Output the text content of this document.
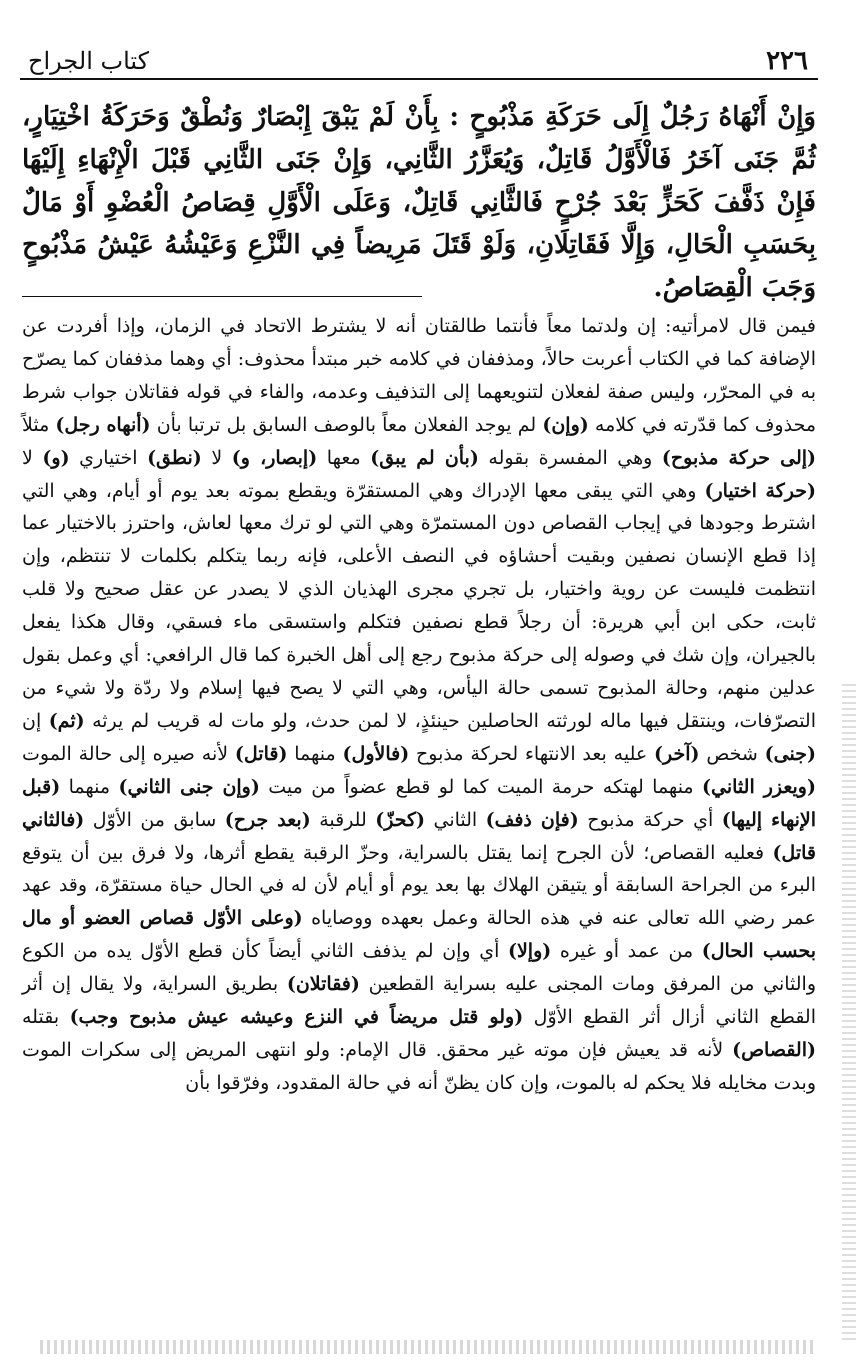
٢٢٦
كتاب الجراح

وَإِنْ أَنْهَاهُ رَجُلٌ إِلَى حَرَكَةِ مَذْبُوحٍ : بِأَنْ لَمْ يَبْقَ إِبْصَارٌ وَنُطْقٌ وَحَرَكَةُ اخْتِيَارٍ، ثُمَّ جَنَى آخَرُ فَالْأَوَّلُ قَاتِلٌ، وَيُعَزَّرُ الثَّانِي، وَإِنْ جَنَى الثَّانِي قَبْلَ الْإِنْهَاءِ إِلَيْهَا فَإِنْ ذَفَّفَ كَحَزٍّ بَعْدَ جُرْحٍ فَالثَّانِي قَاتِلٌ، وَعَلَى الْأَوَّلِ قِصَاصُ الْعُضْوِ أَوْ مَالٌ بِحَسَبِ الْحَالِ، وَإِلَّا فَقَاتِلَانِ، وَلَوْ قَتَلَ مَرِيضاً فِي النَّزْعِ وَعَيْشُهُ عَيْشُ مَذْبُوحٍ وَجَبَ الْقِصَاصُ.

فيمن قال لامرأتيه: إن ولدتما معاً فأنتما طالقتان أنه لا يشترط الاتحاد في الزمان، وإذا أفردت عن الإضافة كما في الكتاب أعربت حالاً، ومذففان في كلامه خبر مبتدأ محذوف: أي وهما مذففان كما يصرّح به في المحرّر، وليس صفة لفعلان لتنويعهما إلى التذفيف وعدمه، والفاء في قوله فقاتلان جواب شرط محذوف كما قدّرته في كلامه (وإن) لم يوجد الفعلان معاً بالوصف السابق بل ترتبا بأن (أنهاه رجل) مثلاً (إلى حركة مذبوح) وهي المفسرة بقوله (بأن لم يبق) معها (إبصار، و) لا (نطق) اختياري (و) لا (حركة اختيار) وهي التي يبقى معها الإدراك وهي المستقرّة ويقطع بموته بعد يوم أو أيام، وهي التي اشترط وجودها في إيجاب القصاص دون المستمرّة وهي التي لو ترك معها لعاش، واحترز بالاختيار عما إذا قطع الإنسان نصفين وبقيت أحشاؤه في النصف الأعلى، فإنه ربما يتكلم بكلمات لا تنتظم، وإن انتظمت فليست عن روية واختيار، بل تجري مجرى الهذيان الذي لا يصدر عن عقل صحيح ولا قلب ثابت، حكى ابن أبي هريرة: أن رجلاً قطع نصفين فتكلم واستسقى ماء فسقي، وقال هكذا يفعل بالجيران، وإن شك في وصوله إلى حركة مذبوح رجع إلى أهل الخبرة كما قال الرافعي: أي وعمل بقول عدلين منهم، وحالة المذبوح تسمى حالة اليأس، وهي التي لا يصح فيها إسلام ولا ردّة ولا شيء من التصرّفات، وينتقل فيها ماله لورثته الحاصلين حينئذٍ، لا لمن حدث، ولو مات له قريب لم يرثه (ثم) إن (جنى) شخص (آخر) عليه بعد الانتهاء لحركة مذبوح (فالأول) منهما (قاتل) لأنه صيره إلى حالة الموت (ويعزر الثاني) منهما لهتكه حرمة الميت كما لو قطع عضواً من ميت (وإن جنى الثاني) منهما (قبل الإنهاء إليها) أي حركة مذبوح (فإن ذفف) الثاني (كحزّ) للرقبة (بعد جرح) سابق من الأوّل (فالثاني قاتل) فعليه القصاص؛ لأن الجرح إنما يقتل بالسراية، وحزّ الرقبة يقطع أثرها، ولا فرق بين أن يتوقع البرء من الجراحة السابقة أو يتيقن الهلاك بها بعد يوم أو أيام لأن له في الحال حياة مستقرّة، وقد عهد عمر رضي الله تعالى عنه في هذه الحالة وعمل بعهده ووصاياه (وعلى الأوّل قصاص العضو أو مال بحسب الحال) من عمد أو غيره (وإلا) أي وإن لم يذفف الثاني أيضاً كأن قطع الأوّل يده من الكوع والثاني من المرفق ومات المجنى عليه بسراية القطعين (فقاتلان) بطريق السراية، ولا يقال إن أثر القطع الثاني أزال أثر القطع الأوّل (ولو قتل مريضاً في النزع وعيشه عيش مذبوح وجب) بقتله (القصاص) لأنه قد يعيش فإن موته غير محقق. قال الإمام: ولو انتهى المريض إلى سكرات الموت وبدت مخايله فلا يحكم له بالموت، وإن كان يظنّ أنه في حالة المقدود، وفرّقوا بأن
